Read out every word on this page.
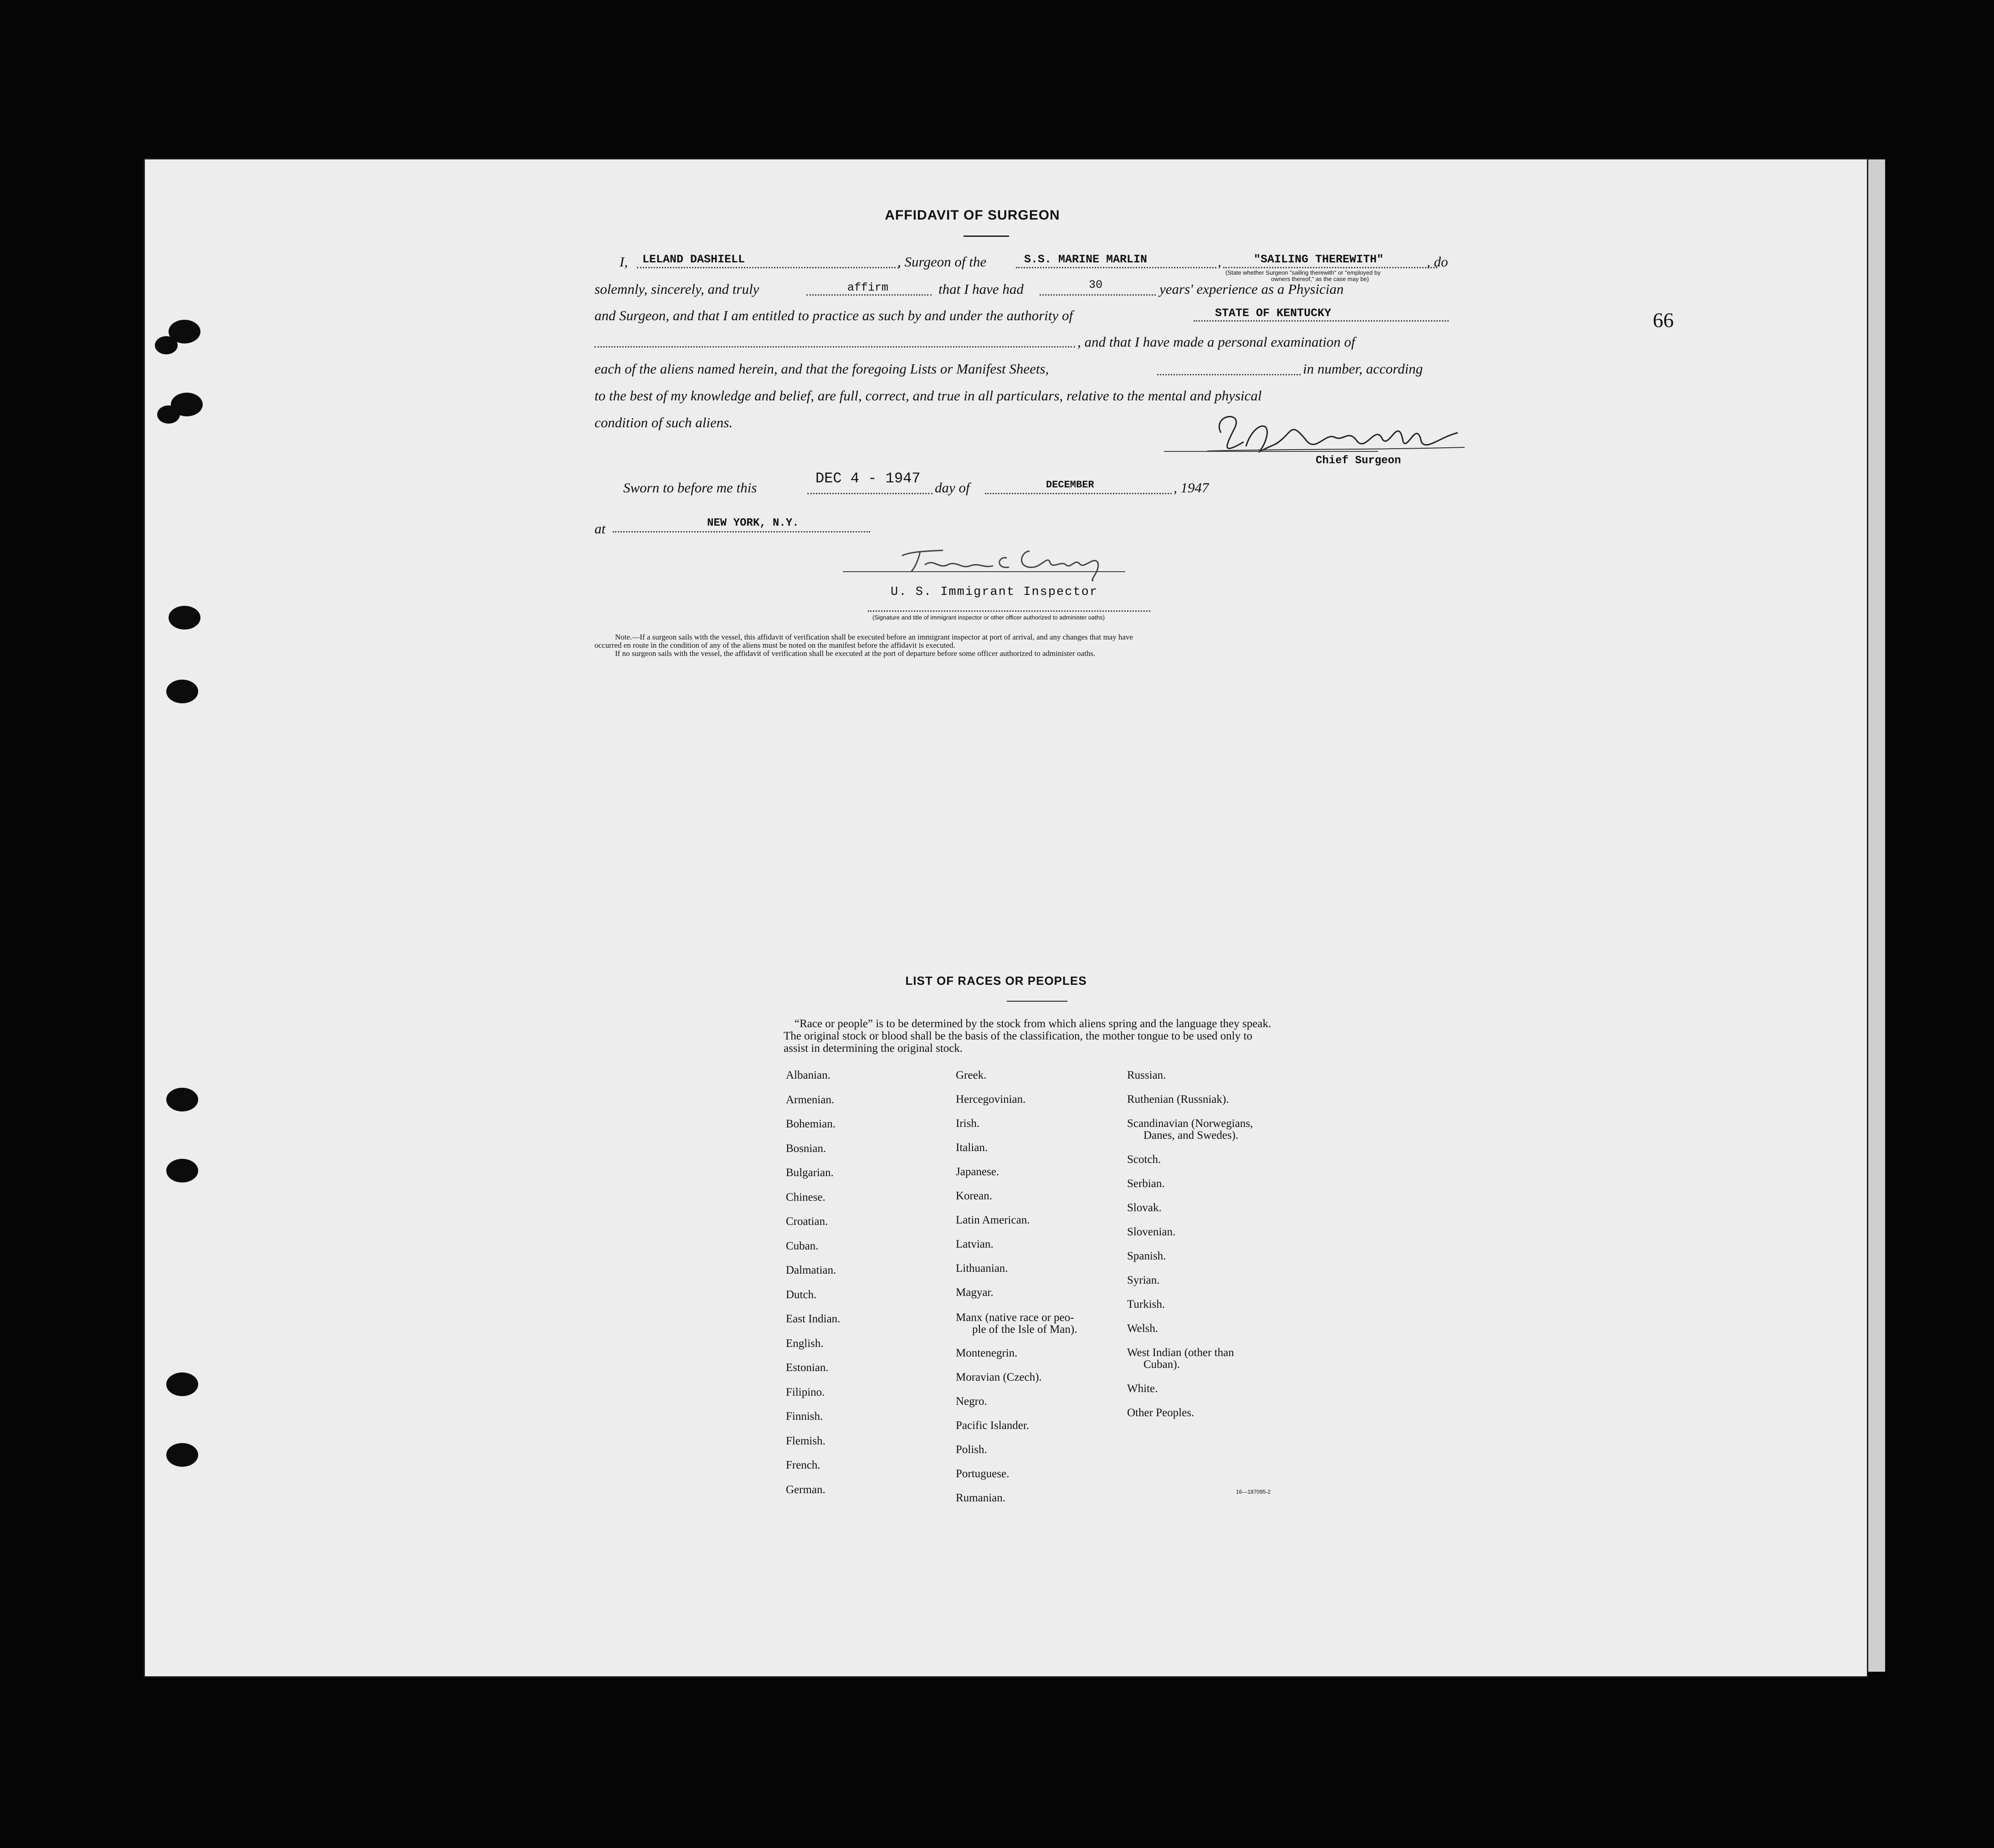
66
AFFIDAVIT OF SURGEON
I, LELAND DASHIELL	, Surgeon of the	S.S. MARINE MARLIN	,	"SAILING THEREWITH"	, do
(State whether Surgeon "sailing therewith" or "employed by
owners thereof," as the case may be)
solemnly, sincerely, and truly	affirm	that I have had	30	years' experience as a Physician
and Surgeon, and that I am entitled to practice as such by and under the authority of	STATE OF KENTUCKY
, and that I have made a personal examination of
each of the aliens named herein, and that the foregoing Lists or Manifest Sheets,	in number, according
to the best of my knowledge and belief, are full, correct, and true in all particulars, relative to the mental and physical
condition of such aliens.
Chief Surgeon
Sworn to before me this
DEC 4 - 1947
day of	DECEMBER	, 1947
at	NEW YORK, N.Y.
U. S. Immigrant Inspector
(Signature and title of immigrant inspector or other officer authorized to administer oaths)
Note.—If a surgeon sails with the vessel, this affidavit of verification shall be executed before an immigrant inspector at port of arrival, and any changes that may have
occurred en route in the condition of any of the aliens must be noted on the manifest before the affidavit is executed.
If no surgeon sails with the vessel, the affidavit of verification shall be executed at the port of departure before some officer authorized to administer oaths.
LIST OF RACES OR PEOPLES
“Race or people” is to be determined by the stock from which aliens spring and the language they speak. The original stock or blood shall be the basis of the classification, the mother tongue to be used only to assist in determining the original stock.
Albanian.
Armenian.
Bohemian.
Bosnian.
Bulgarian.
Chinese.
Croatian.
Cuban.
Dalmatian.
Dutch.
East Indian.
English.
Estonian.
Filipino.
Finnish.
Flemish.
French.
German.
Greek.
Hercegovinian.
Irish.
Italian.
Japanese.
Korean.
Latin American.
Latvian.
Lithuanian.
Magyar.
Manx (native race or peo-
ple of the Isle of Man).
Montenegrin.
Moravian (Czech).
Negro.
Pacific Islander.
Polish.
Portuguese.
Rumanian.
Russian.
Ruthenian (Russniak).
Scandinavian (Norwegians,
Danes, and Swedes).
Scotch.
Serbian.
Slovak.
Slovenian.
Spanish.
Syrian.
Turkish.
Welsh.
West Indian (other than
Cuban).
White.
Other Peoples.
16—187095-2
